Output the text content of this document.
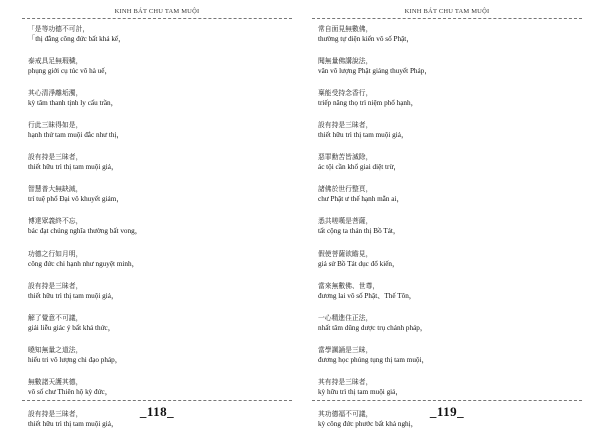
KINH BÁT CHU TAM MUỘI
「是等功德不可計，
「thị đẳng công đức bất khả kế，
泰戒具足無瑕穢，
phụng giới cụ túc vô hà uế，
其心清淨離垢濁，
kỳ tâm thanh tịnh ly cấu trần，
行此三昧得如是，
hạnh thử tam muội đắc như thị，
設有持是三昧者，
thiết hữu trì thị tam muội giả，
智慧普大無缺減，
trí tuệ phổ Đại vô khuyết giảm，
博達眾義終不忘，
bác đạt chúng nghĩa thường bất vong，
功德之行如月明，
công đức chi hạnh như nguyệt minh，
設有持是三昧者，
thiết hữu trì thị tam muội giả，
解了覺意不可議，
giải liễu giác ý bất khả thức，
曉知無量之道法，
hiểu tri vô lượng chi đạo pháp，
無數諸天護其德，
vô số chư Thiên hộ kỳ đức，
設有持是三昧者，
thiết hữu trì thị tam muội giả，
_118_
KINH BÁT CHU TAM MUỘI
常自面見無數佛，
thường tự diện kiến vô số Phật，
聞無量佛講說法，
văn vô lượng Phật giảng thuyết Pháp，
稟能受持念香行，
triếp năng thọ trì niệm phổ hạnh，
設有持是三昧者，
thiết hữu trì thị tam muội giả，
惡罪勳苦皆滅除，
ác tội cần khổ giai diệt trừ，
諸佛於世行整頁，
chư Phật ư thế hạnh mẫn ai，
悉共嗟嘆是菩薩，
tất cộng ta thán thị Bồ Tát，
假使菩薩欲瞻見，
giả sử Bồ Tát dục đổ kiến，
當來無數佛、世尊，
đương lai vô số Phật、Thế Tôn，
一心精進住正法，
nhất tâm dũng dược trụ chánh pháp，
當學諷誦是三昧，
đương học phúng tụng thị tam muội，
其有持是三昧者，
kỳ hữu trì thị tam muội giả，
其功德福不可議，
kỳ công đức phước bất khả nghị，
_119_
